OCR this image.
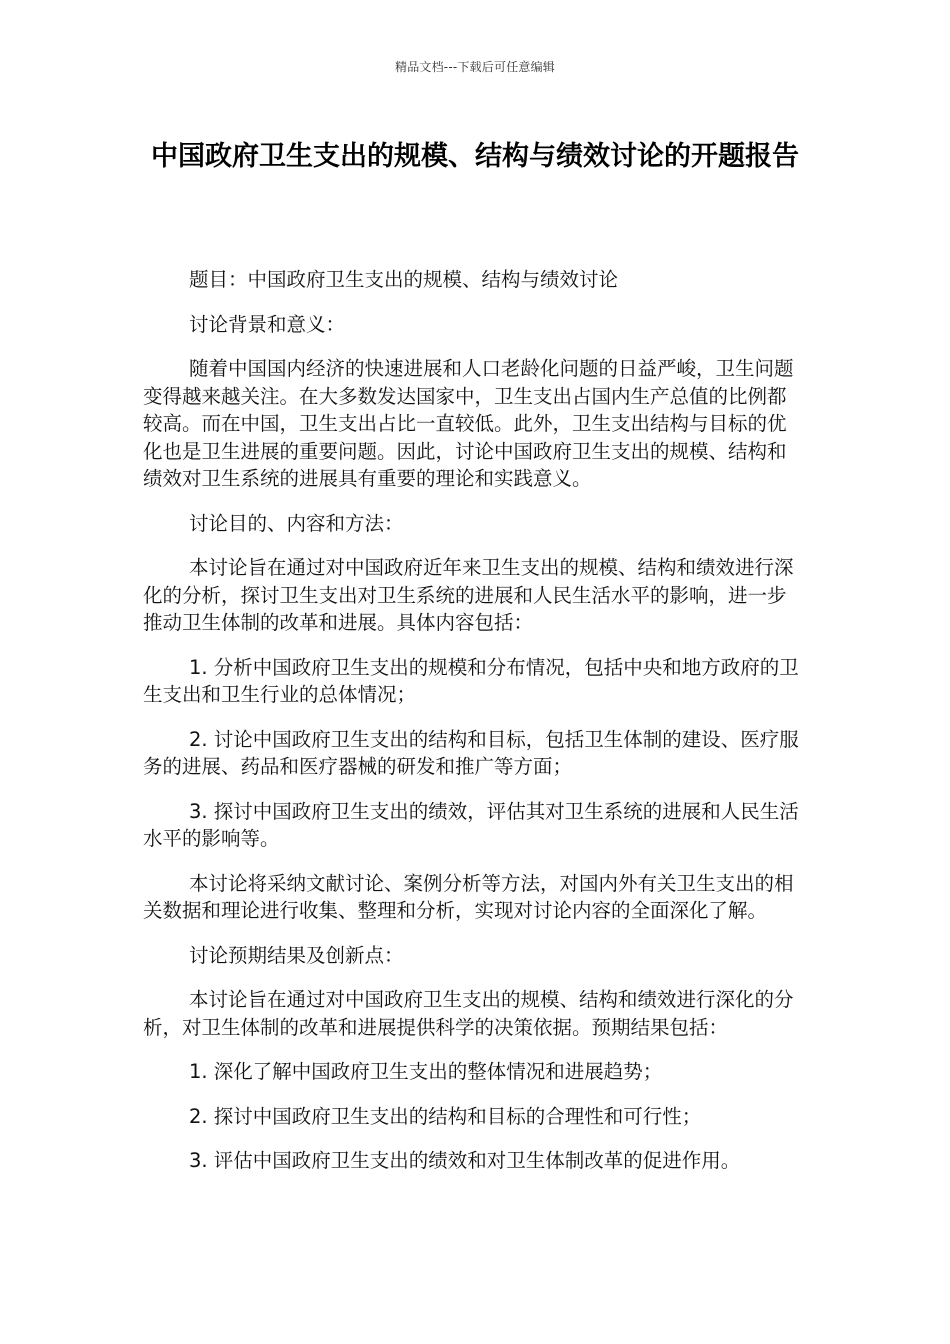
精品文档---下载后可任意编辑
中国政府卫生支出的规模、结构与绩效讨论的开题报告

题目：中国政府卫生支出的规模、结构与绩效讨论

讨论背景和意义：

随着中国国内经济的快速进展和人口老龄化问题的日益严峻，卫生问题变得越来越关注。在大多数发达国家中，卫生支出占国内生产总值的比例都较高。而在中国，卫生支出占比一直较低。此外，卫生支出结构与目标的优化也是卫生进展的重要问题。因此，讨论中国政府卫生支出的规模、结构和绩效对卫生系统的进展具有重要的理论和实践意义。

讨论目的、内容和方法：

本讨论旨在通过对中国政府近年来卫生支出的规模、结构和绩效进行深化的分析，探讨卫生支出对卫生系统的进展和人民生活水平的影响，进一步推动卫生体制的改革和进展。具体内容包括：

1. 分析中国政府卫生支出的规模和分布情况，包括中央和地方政府的卫生支出和卫生行业的总体情况；

2. 讨论中国政府卫生支出的结构和目标，包括卫生体制的建设、医疗服务的进展、药品和医疗器械的研发和推广等方面；

3. 探讨中国政府卫生支出的绩效，评估其对卫生系统的进展和人民生活水平的影响等。

本讨论将采纳文献讨论、案例分析等方法，对国内外有关卫生支出的相关数据和理论进行收集、整理和分析，实现对讨论内容的全面深化了解。

讨论预期结果及创新点：

本讨论旨在通过对中国政府卫生支出的规模、结构和绩效进行深化的分析，对卫生体制的改革和进展提供科学的决策依据。预期结果包括：

1. 深化了解中国政府卫生支出的整体情况和进展趋势；

2. 探讨中国政府卫生支出的结构和目标的合理性和可行性；

3. 评估中国政府卫生支出的绩效和对卫生体制改革的促进作用。
